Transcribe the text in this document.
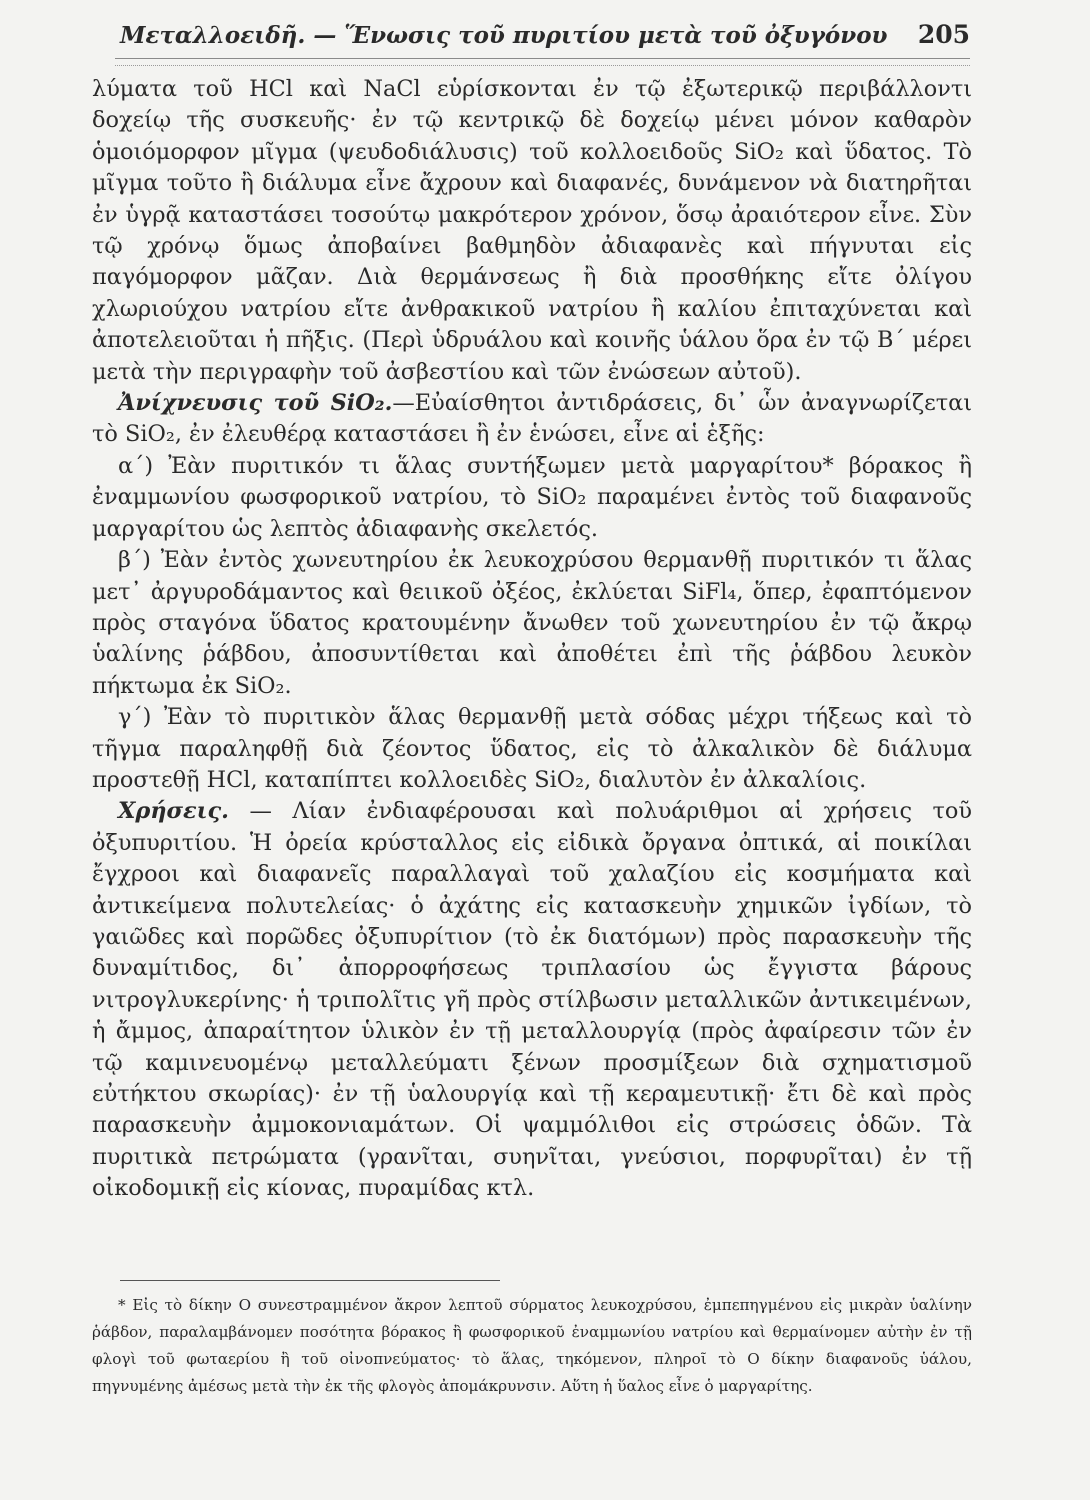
Μεταλλοειδῆ. — Ἕνωσις τοῦ πυριτίου μετὰ τοῦ ὀξυγόνου 205

λύματα τοῦ HCl καὶ NaCl εὑρίσκονται ἐν τῷ ἐξωτερικῷ περιβάλλοντι δοχείῳ τῆς συσκευῆς· ἐν τῷ κεντρικῷ δὲ δοχείῳ μένει μόνον καθαρὸν ὁμοιόμορφον μῖγμα (ψευδοδιάλυσις) τοῦ κολλοειδοῦς SiO₂ καὶ ὕδατος. Τὸ μῖγμα τοῦτο ἢ διάλυμα εἶνε ἄχρουν καὶ διαφανές, δυνάμενον νὰ διατηρῆται ἐν ὑγρᾷ καταστάσει τοσούτῳ μακρότερον χρόνον, ὅσῳ ἀραιότερον εἶνε. Σὺν τῷ χρόνῳ ὅμως ἀποβαίνει βαθμηδὸν ἀδιαφανὲς καὶ πήγνυται εἰς παγόμορφον μᾶζαν. Διὰ θερμάνσεως ἢ διὰ προσθήκης εἴτε ὀλίγου χλωριούχου νατρίου εἴτε ἀνθρακικοῦ νατρίου ἢ καλίου ἐπιταχύνεται καὶ ἀποτελειοῦται ἡ πῆξις. (Περὶ ὑδρυάλου καὶ κοινῆς ὑάλου ὅρα ἐν τῷ Β΄ μέρει μετὰ τὴν περιγραφὴν τοῦ ἀσβεστίου καὶ τῶν ἐνώσεων αὐτοῦ).

Ἀνίχνευσις τοῦ SiO₂.—Εὐαίσθητοι ἀντιδράσεις, δι᾽ ὧν ἀναγνωρίζεται τὸ SiO₂, ἐν ἐλευθέρᾳ καταστάσει ἢ ἐν ἑνώσει, εἶνε αἱ ἑξῆς:

α΄) Ἐὰν πυριτικόν τι ἅλας συντήξωμεν μετὰ μαργαρίτου* βόρακος ἢ ἐναμμωνίου φωσφορικοῦ νατρίου, τὸ SiO₂ παραμένει ἐντὸς τοῦ διαφανοῦς μαργαρίτου ὡς λεπτὸς ἀδιαφανὴς σκελετός.

β΄) Ἐὰν ἐντὸς χωνευτηρίου ἐκ λευκοχρύσου θερμανθῇ πυριτικόν τι ἅλας μετ᾽ ἀργυροδάμαντος καὶ θειικοῦ ὀξέος, ἐκλύεται SiFl₄, ὅπερ, ἐφαπτόμενον πρὸς σταγόνα ὕδατος κρατουμένην ἄνωθεν τοῦ χωνευτηρίου ἐν τῷ ἄκρῳ ὑαλίνης ῥάβδου, ἀποσυντίθεται καὶ ἀποθέτει ἐπὶ τῆς ῥάβδου λευκὸν πήκτωμα ἐκ SiO₂.

γ΄) Ἐὰν τὸ πυριτικὸν ἅλας θερμανθῇ μετὰ σόδας μέχρι τήξεως καὶ τὸ τῆγμα παραληφθῇ διὰ ζέοντος ὕδατος, εἰς τὸ ἀλκαλικὸν δὲ διάλυμα προστεθῇ HCl, καταπίπτει κολλοειδὲς SiO₂, διαλυτὸν ἐν ἀλκαλίοις.

Χρήσεις. — Λίαν ἐνδιαφέρουσαι καὶ πολυάριθμοι αἱ χρήσεις τοῦ ὀξυπυριτίου. Ἡ ὀρεία κρύσταλλος εἰς εἰδικὰ ὄργανα ὀπτικά, αἱ ποικίλαι ἔγχροοι καὶ διαφανεῖς παραλλαγαὶ τοῦ χαλαζίου εἰς κοσμήματα καὶ ἀντικείμενα πολυτελείας· ὁ ἀχάτης εἰς κατασκευὴν χημικῶν ἰγδίων, τὸ γαιῶδες καὶ πορῶδες ὀξυπυρίτιον (τὸ ἐκ διατόμων) πρὸς παρασκευὴν τῆς δυναμίτιδος, δι᾽ ἀπορροφήσεως τριπλασίου ὡς ἔγγιστα βάρους νιτρογλυκερίνης· ἡ τριπολῖτις γῆ πρὸς στίλβωσιν μεταλλικῶν ἀντικειμένων, ἡ ἄμμος, ἀπαραίτητον ὑλικὸν ἐν τῇ μεταλλουργίᾳ (πρὸς ἀφαίρεσιν τῶν ἐν τῷ καμινευομένῳ μεταλλεύματι ξένων προσμίξεων διὰ σχηματισμοῦ εὐτήκτου σκωρίας)· ἐν τῇ ὑαλουργίᾳ καὶ τῇ κεραμευτικῇ· ἔτι δὲ καὶ πρὸς παρασκευὴν ἀμμοκονιαμάτων. Οἱ ψαμμόλιθοι εἰς στρώσεις ὁδῶν. Τὰ πυριτικὰ πετρώματα (γρανῖται, συηνῖται, γνεύσιοι, πορφυρῖται) ἐν τῇ οἰκοδομικῇ εἰς κίονας, πυραμίδας κτλ.

* Εἰς τὸ δίκην Ο συνεστραμμένον ἄκρον λεπτοῦ σύρματος λευκοχρύσου, ἐμπεπηγμένου εἰς μικρὰν ὑαλίνην ῥάβδον, παραλαμβάνομεν ποσότητα βόρακος ἢ φωσφορικοῦ ἐναμμωνίου νατρίου καὶ θερμαίνομεν αὐτὴν ἐν τῇ φλογὶ τοῦ φωταερίου ἢ τοῦ οἰνοπνεύματος· τὸ ἅλας, τηκόμενον, πληροῖ τὸ Ο δίκην διαφανοῦς ὑάλου, πηγνυμένης ἀμέσως μετὰ τὴν ἐκ τῆς φλογὸς ἀπομάκρυνσιν. Αὕτη ἡ ὕαλος εἶνε ὁ μαργαρίτης.
